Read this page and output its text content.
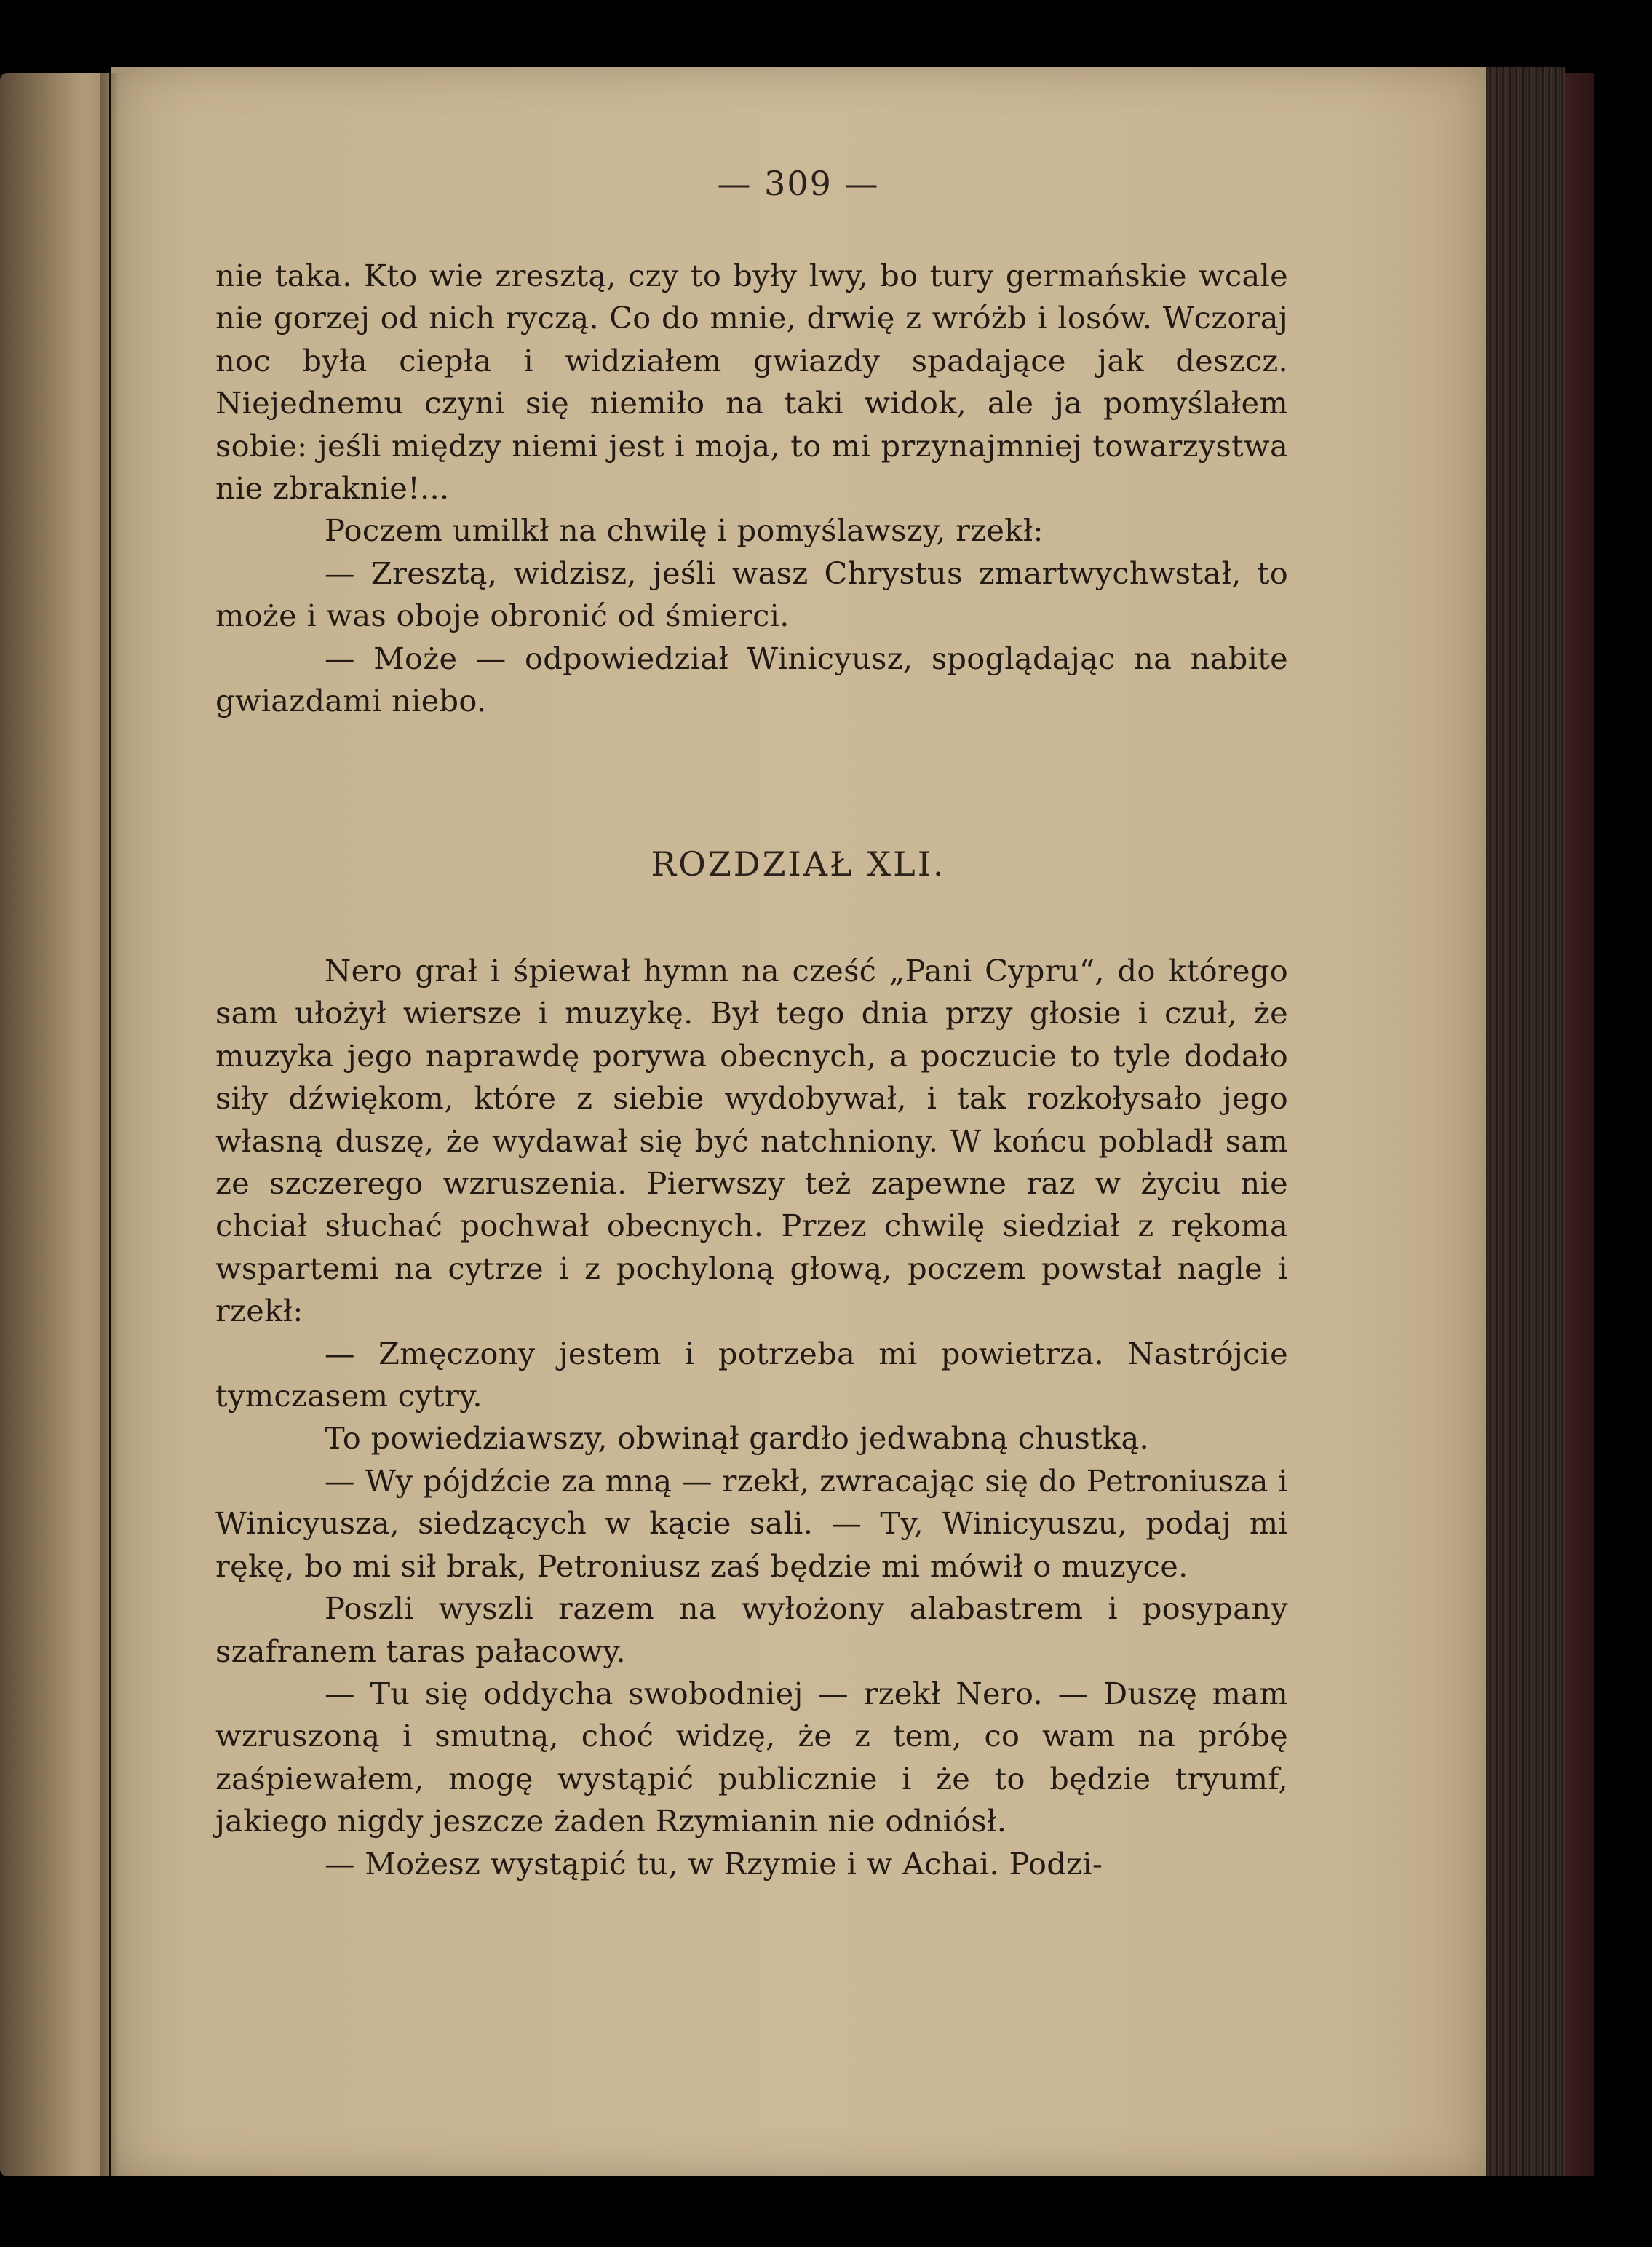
— 309 —

nie taka. Kto wie zresztą, czy to były lwy, bo tury germańskie wcale nie gorzej od nich ryczą. Co do mnie, drwię z wróżb i losów. Wczoraj noc była ciepła i widziałem gwiazdy spadające jak deszcz. Niejednemu czyni się niemiło na taki widok, ale ja pomyślałem sobie: jeśli między niemi jest i moja, to mi przynajmniej towarzystwa nie zbraknie!...

Poczem umilkł na chwilę i pomyślawszy, rzekł:

— Zresztą, widzisz, jeśli wasz Chrystus zmartwychwstał, to może i was oboje obronić od śmierci.

— Może — odpowiedział Winicyusz, spoglądając na nabite gwiazdami niebo.

ROZDZIAŁ XLI.

Nero grał i śpiewał hymn na cześć „Pani Cypru“, do którego sam ułożył wiersze i muzykę. Był tego dnia przy głosie i czuł, że muzyka jego naprawdę porywa obecnych, a poczucie to tyle dodało siły dźwiękom, które z siebie wydobywał, i tak rozkołysało jego własną duszę, że wydawał się być natchniony. W końcu pobladł sam ze szczerego wzruszenia. Pierwszy też zapewne raz w życiu nie chciał słuchać pochwał obecnych. Przez chwilę siedział z rękoma wspartemi na cytrze i z pochyloną głową, poczem powstał nagle i rzekł:

— Zmęczony jestem i potrzeba mi powietrza. Nastrójcie tymczasem cytry.

To powiedziawszy, obwinął gardło jedwabną chustką.

— Wy pójdźcie za mną — rzekł, zwracając się do Petroniusza i Winicyusza, siedzących w kącie sali. — Ty, Winicyuszu, podaj mi rękę, bo mi sił brak, Petroniusz zaś będzie mi mówił o muzyce.

Poszli wyszli razem na wyłożony alabastrem i posypany szafranem taras pałacowy.

— Tu się oddycha swobodniej — rzekł Nero. — Duszę mam wzruszoną i smutną, choć widzę, że z tem, co wam na próbę zaśpiewałem, mogę wystąpić publicznie i że to będzie tryumf, jakiego nigdy jeszcze żaden Rzymianin nie odniósł.

— Możesz wystąpić tu, w Rzymie i w Achai. Podzi-
